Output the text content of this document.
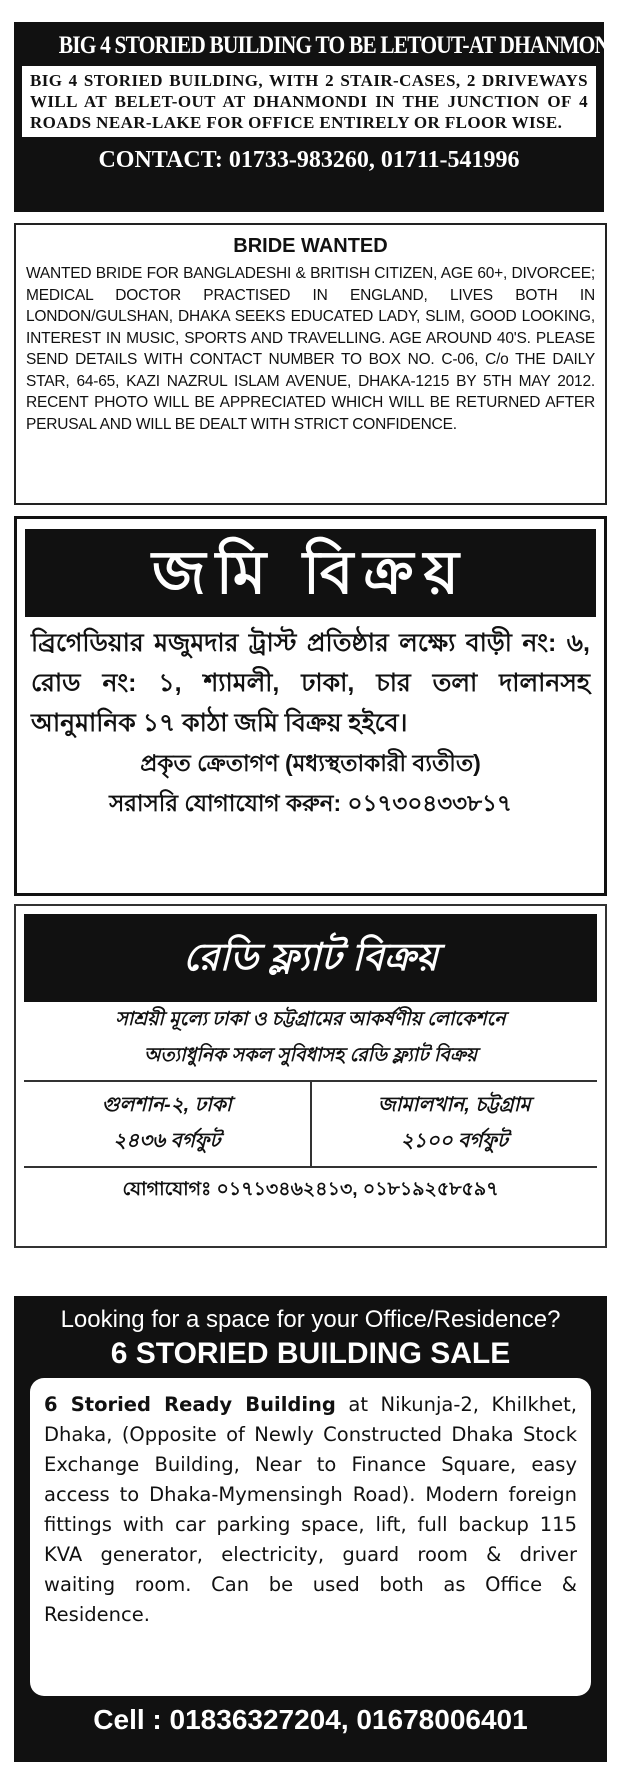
BIG 4 STORIED BUILDING TO BE LETOUT-AT DHANMONDI
BIG 4 STORIED BUILDING, WITH 2 STAIR-CASES, 2 DRIVEWAYS WILL AT BELET-OUT AT DHANMONDI IN THE JUNCTION OF 4 ROADS NEAR-LAKE FOR OFFICE ENTIRELY OR FLOOR WISE.
CONTACT: 01733-983260, 01711-541996
BRIDE WANTED
WANTED BRIDE FOR BANGLADESHI & BRITISH CITIZEN, AGE 60+, DIVORCEE; MEDICAL DOCTOR PRACTISED IN ENGLAND, LIVES BOTH IN LONDON/GULSHAN, DHAKA SEEKS EDUCATED LADY, SLIM, GOOD LOOKING, INTEREST IN MUSIC, SPORTS AND TRAVELLING. AGE AROUND 40'S. PLEASE SEND DETAILS WITH CONTACT NUMBER TO BOX NO. C-06, C/o THE DAILY STAR, 64-65, KAZI NAZRUL ISLAM AVENUE, DHAKA-1215 BY 5TH MAY 2012. RECENT PHOTO WILL BE APPRECIATED WHICH WILL BE RETURNED AFTER PERUSAL AND WILL BE DEALT WITH STRICT CONFIDENCE.
জমি বিক্রয়
ব্রিগেডিয়ার মজুমদার ট্রাস্ট প্রতিষ্ঠার লক্ষ্যে বাড়ী নং: ৬, রোড নং: ১, শ্যামলী, ঢাকা, চার তলা দালানসহ আনুমানিক ১৭ কাঠা জমি বিক্রয় হইবে।
প্রকৃত ক্রেতাগণ (মধ্যস্থতাকারী ব্যতীত)
সরাসরি যোগাযোগ করুন: ০১৭৩০৪৩৩৮১৭
রেডি ফ্ল্যাট বিক্রয়
সাশ্রয়ী মূল্যে ঢাকা ও চট্টগ্রামের আকর্ষণীয় লোকেশনে
অত্যাধুনিক সকল সুবিধাসহ রেডি ফ্ল্যাট বিক্রয়
গুলশান-২, ঢাকা
২৪৩৬ বর্গফুট
জামালখান, চট্টগ্রাম
২১০০ বর্গফুট
যোগাযোগঃ ০১৭১৩৪৬২৪১৩, ০১৮১৯২৫৮৫৯৭
Looking for a space for your Office/Residence?
6 STORIED BUILDING SALE
6 Storied Ready Building at Nikunja-2, Khilkhet, Dhaka, (Opposite of Newly Constructed Dhaka Stock Exchange Building, Near to Finance Square, easy access to Dhaka-Mymensingh Road). Modern foreign fittings with car parking space, lift, full backup 115 KVA generator, electricity, guard room & driver waiting room. Can be used both as Office & Residence.
Cell : 01836327204, 01678006401
